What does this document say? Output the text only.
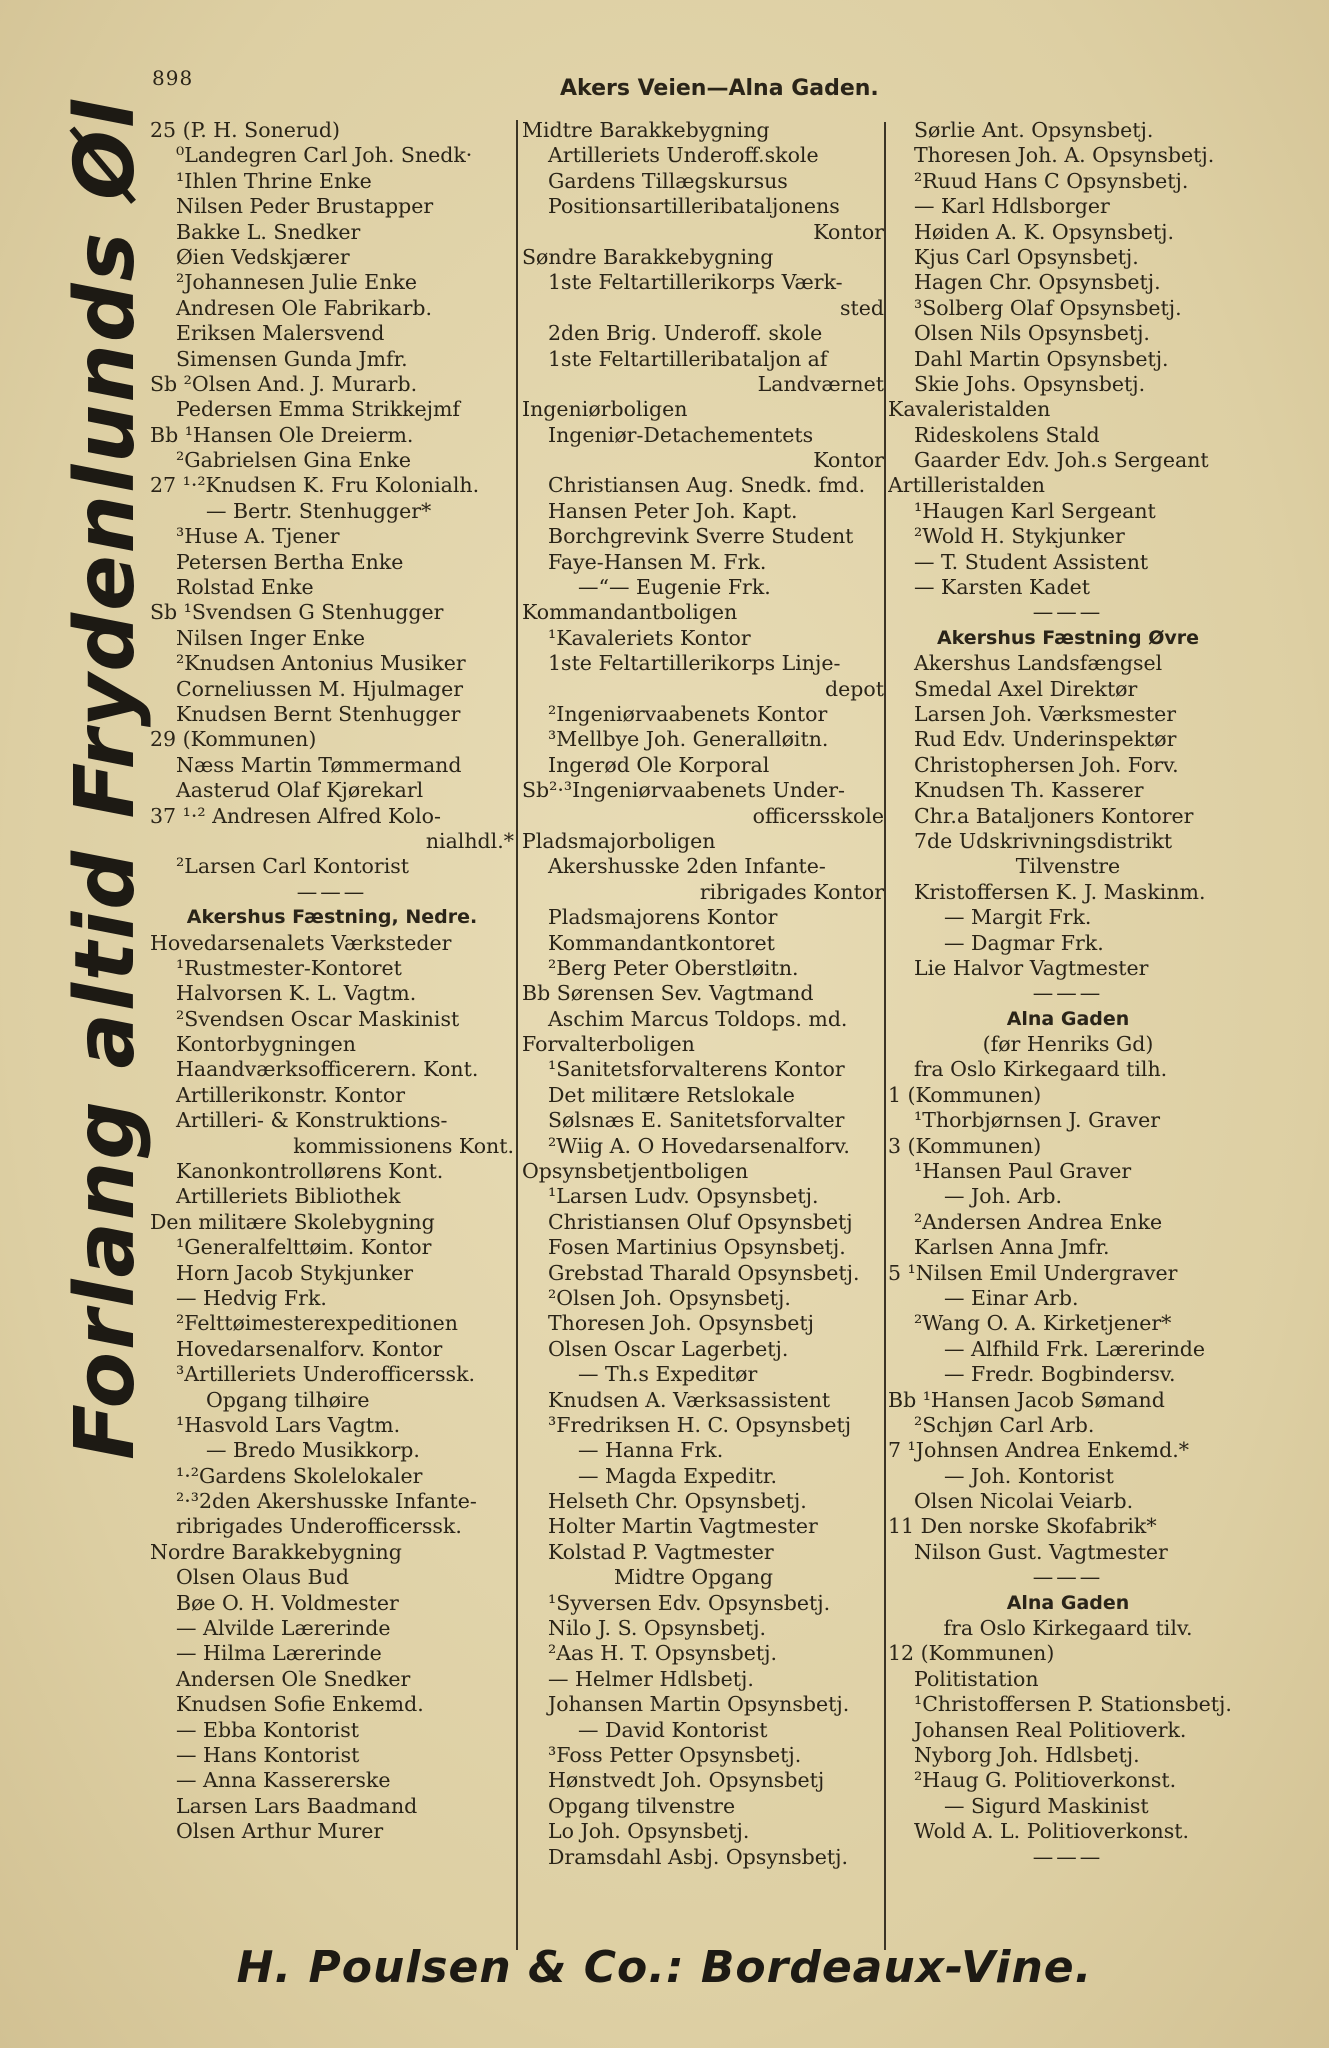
898	Akers Veien—Alna Gaden.
Forlang altid Frydenlunds Øl
25 (P. H. Sonerud)
⁰Landegren Carl Joh. Snedk·
¹Ihlen Thrine Enke
Nilsen Peder Brustapper
Bakke L. Snedker
Øien Vedskjærer
²Johannesen Julie Enke
Andresen Ole Fabrikarb.
Eriksen Malersvend
Simensen Gunda Jmfr.
Sb ²Olsen And. J. Murarb.
Pedersen Emma Strikkejmf
Bb ¹Hansen Ole Dreierm.
²Gabrielsen Gina Enke
27 ¹·²Knudsen K. Fru Kolonialh.
— Bertr. Stenhugger*
³Huse A. Tjener
Petersen Bertha Enke
Rolstad Enke
Sb ¹Svendsen G Stenhugger
Nilsen Inger Enke
²Knudsen Antonius Musiker
Corneliussen M. Hjulmager
Knudsen Bernt Stenhugger
29 (Kommunen)
Næss Martin Tømmermand
Aasterud Olaf Kjørekarl
37 ¹·² Andresen Alfred Kolo-
nialhdl.*
²Larsen Carl Kontorist
———
Akershus Fæstning, Nedre.
Hovedarsenalets Værksteder
¹Rustmester-Kontoret
Halvorsen K. L. Vagtm.
²Svendsen Oscar Maskinist
Kontorbygningen
Haandværksofficerern. Kont.
Artillerikonstr. Kontor
Artilleri- & Konstruktions-
kommissionens Kont.
Kanonkontrollørens Kont.
Artilleriets Bibliothek
Den militære Skolebygning
¹Generalfelttøim. Kontor
Horn Jacob Stykjunker
— Hedvig Frk.
²Felttøimesterexpeditionen
Hovedarsenalforv. Kontor
³Artilleriets Underofficerssk.
Opgang tilhøire
¹Hasvold Lars Vagtm.
— Bredo Musikkorp.
¹·²Gardens Skolelokaler
²·³2den Akershusske Infante-
ribrigades Underofficerssk.
Nordre Barakkebygning
Olsen Olaus Bud
Bøe O. H. Voldmester
— Alvilde Lærerinde
— Hilma Lærerinde
Andersen Ole Snedker
Knudsen Sofie Enkemd.
— Ebba Kontorist
— Hans Kontorist
— Anna Kassererske
Larsen Lars Baadmand
Olsen Arthur Murer
Midtre Barakkebygning
Artilleriets Underoff.skole
Gardens Tillægskursus
Positionsartilleribataljonens
Kontor
Søndre Barakkebygning
1ste Feltartillerikorps Værk-
sted
2den Brig. Underoff. skole
1ste Feltartilleribataljon af
Landværnet
Ingeniørboligen
Ingeniør-Detachementets
Kontor
Christiansen Aug. Snedk. fmd.
Hansen Peter Joh. Kapt.
Borchgrevink Sverre Student
Faye-Hansen M. Frk.
—“— Eugenie Frk.
Kommandantboligen
¹Kavaleriets Kontor
1ste Feltartillerikorps Linje-
depot
²Ingeniørvaabenets Kontor
³Mellbye Joh. Generalløitn.
Ingerød Ole Korporal
Sb²·³Ingeniørvaabenets Under-
officersskole
Pladsmajorboligen
Akershusske 2den Infante-
ribrigades Kontor
Pladsmajorens Kontor
Kommandantkontoret
²Berg Peter Oberstløitn.
Bb Sørensen Sev. Vagtmand
Aschim Marcus Toldops. md.
Forvalterboligen
¹Sanitetsforvalterens Kontor
Det militære Retslokale
Sølsnæs E. Sanitetsforvalter
²Wiig A. O Hovedarsenalforv.
Opsynsbetjentboligen
¹Larsen Ludv. Opsynsbetj.
Christiansen Oluf Opsynsbetj
Fosen Martinius Opsynsbetj.
Grebstad Tharald Opsynsbetj.
²Olsen Joh. Opsynsbetj.
Thoresen Joh. Opsynsbetj
Olsen Oscar Lagerbetj.
— Th.s Expeditør
Knudsen A. Værksassistent
³Fredriksen H. C. Opsynsbetj
— Hanna Frk.
— Magda Expeditr.
Helseth Chr. Opsynsbetj.
Holter Martin Vagtmester
Kolstad P. Vagtmester
Midtre Opgang
¹Syversen Edv. Opsynsbetj.
Nilo J. S. Opsynsbetj.
²Aas H. T. Opsynsbetj.
— Helmer Hdlsbetj.
Johansen Martin Opsynsbetj.
— David Kontorist
³Foss Petter Opsynsbetj.
Hønstvedt Joh. Opsynsbetj
Opgang tilvenstre
Lo Joh. Opsynsbetj.
Dramsdahl Asbj. Opsynsbetj.
Sørlie Ant. Opsynsbetj.
Thoresen Joh. A. Opsynsbetj.
²Ruud Hans C Opsynsbetj.
— Karl Hdlsborger
Høiden A. K. Opsynsbetj.
Kjus Carl Opsynsbetj.
Hagen Chr. Opsynsbetj.
³Solberg Olaf Opsynsbetj.
Olsen Nils Opsynsbetj.
Dahl Martin Opsynsbetj.
Skie Johs. Opsynsbetj.
Kavaleristalden
Rideskolens Stald
Gaarder Edv. Joh.s Sergeant
Artilleristalden
¹Haugen Karl Sergeant
²Wold H. Stykjunker
— T. Student Assistent
— Karsten Kadet
———
Akershus Fæstning Øvre
Akershus Landsfængsel
Smedal Axel Direktør
Larsen Joh. Værksmester
Rud Edv. Underinspektør
Christophersen Joh. Forv.
Knudsen Th. Kasserer
Chr.a Bataljoners Kontorer
7de Udskrivningsdistrikt
Tilvenstre
Kristoffersen K. J. Maskinm.
— Margit Frk.
— Dagmar Frk.
Lie Halvor Vagtmester
———
Alna Gaden
(før Henriks Gd)
fra Oslo Kirkegaard tilh.
1 (Kommunen)
¹Thorbjørnsen J. Graver
3 (Kommunen)
¹Hansen Paul Graver
— Joh. Arb.
²Andersen Andrea Enke
Karlsen Anna Jmfr.
5 ¹Nilsen Emil Undergraver
— Einar Arb.
²Wang O. A. Kirketjener*
— Alfhild Frk. Lærerinde
— Fredr. Bogbindersv.
Bb ¹Hansen Jacob Sømand
²Schjøn Carl Arb.
7 ¹Johnsen Andrea Enkemd.*
— Joh. Kontorist
Olsen Nicolai Veiarb.
11 Den norske Skofabrik*
Nilson Gust. Vagtmester
———
Alna Gaden
fra Oslo Kirkegaard tilv.
12 (Kommunen)
Politistation
¹Christoffersen P. Stationsbetj.
Johansen Real Politioverk.
Nyborg Joh. Hdlsbetj.
²Haug G. Politioverkonst.
— Sigurd Maskinist
Wold A. L. Politioverkonst.
———
H. Poulsen & Co.: Bordeaux-Vine.
